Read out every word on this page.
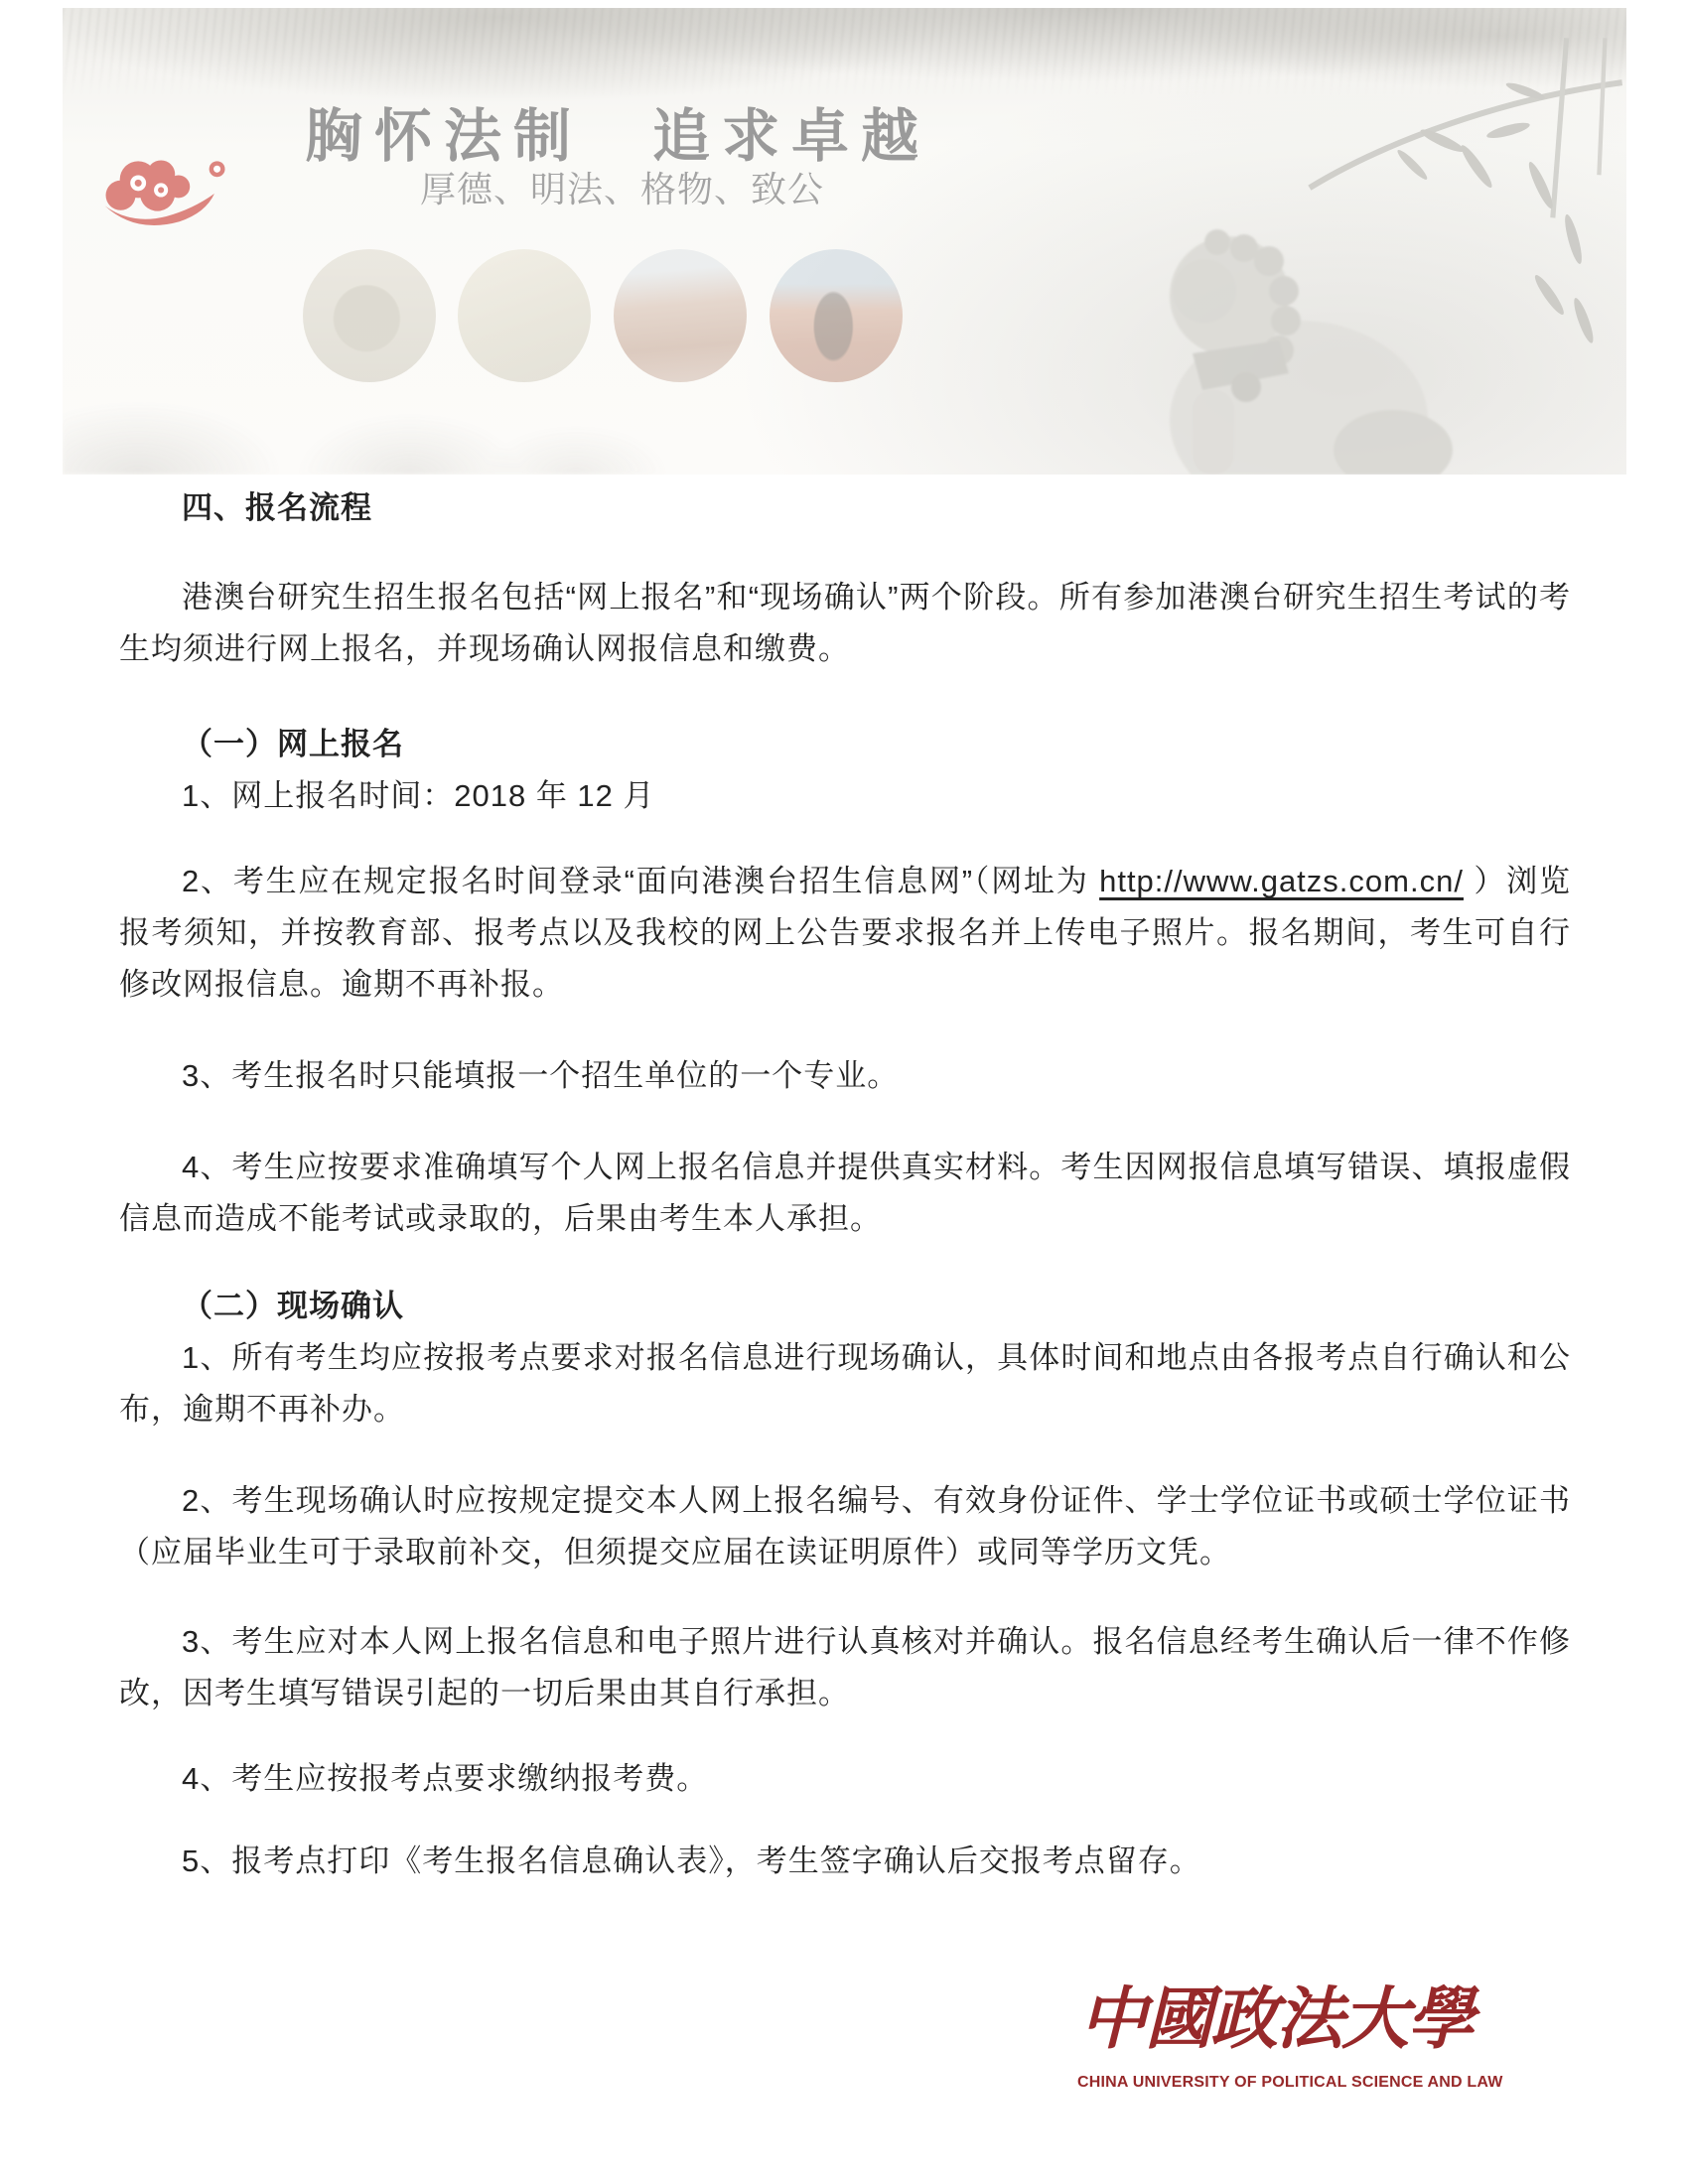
胸怀法制　追求卓越
厚德、明法、格物、致公
四、报名流程

港澳台研究生招生报名包括“网上报名”和“现场确认”两个阶段。所有参加港澳台研究生招生考试的考生均须进行网上报名，并现场确认网报信息和缴费。

（一）网上报名

1、网上报名时间：2018 年 12 月

2、考生应在规定报名时间登录“面向港澳台招生信息网”（网址为 http://www.gatzs.com.cn/ ）浏览报考须知，并按教育部、报考点以及我校的网上公告要求报名并上传电子照片。报名期间，考生可自行修改网报信息。逾期不再补报。

3、考生报名时只能填报一个招生单位的一个专业。

4、考生应按要求准确填写个人网上报名信息并提供真实材料。考生因网报信息填写错误、填报虚假信息而造成不能考试或录取的，后果由考生本人承担。

（二）现场确认

1、所有考生均应按报考点要求对报名信息进行现场确认，具体时间和地点由各报考点自行确认和公布，逾期不再补办。

2、考生现场确认时应按规定提交本人网上报名编号、有效身份证件、学士学位证书或硕士学位证书（应届毕业生可于录取前补交，但须提交应届在读证明原件）或同等学历文凭。

3、考生应对本人网上报名信息和电子照片进行认真核对并确认。报名信息经考生确认后一律不作修改，因考生填写错误引起的一切后果由其自行承担。

4、考生应按报考点要求缴纳报考费。

5、报考点打印《考生报名信息确认表》，考生签字确认后交报考点留存。

中國政法大學
CHINA UNIVERSITY OF POLITICAL SCIENCE AND LAW
